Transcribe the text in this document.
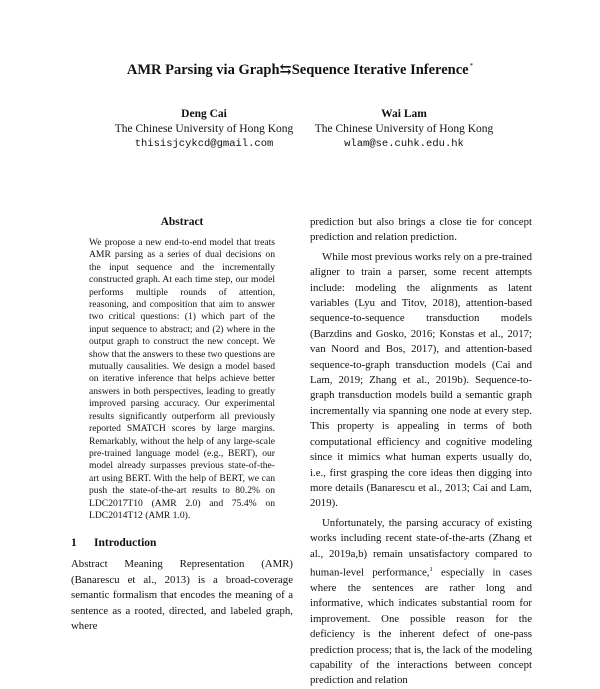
AMR Parsing via Graph⇆Sequence Iterative Inference*
Deng Cai
The Chinese University of Hong Kong
thisisjcykcd@gmail.com
Wai Lam
The Chinese University of Hong Kong
wlam@se.cuhk.edu.hk
Abstract
We propose a new end-to-end model that treats AMR parsing as a series of dual decisions on the input sequence and the incrementally constructed graph. At each time step, our model performs multiple rounds of attention, reasoning, and composition that aim to answer two critical questions: (1) which part of the input sequence to abstract; and (2) where in the output graph to construct the new concept. We show that the answers to these two questions are mutually causalities. We design a model based on iterative inference that helps achieve better answers in both perspectives, leading to greatly improved parsing accuracy. Our experimental results significantly outperform all previously reported SMATCH scores by large margins. Remarkably, without the help of any large-scale pre-trained language model (e.g., BERT), our model already surpasses previous state-of-the-art using BERT. With the help of BERT, we can push the state-of-the-art results to 80.2% on LDC2017T10 (AMR 2.0) and 75.4% on LDC2014T12 (AMR 1.0).
1 Introduction

Abstract Meaning Representation (AMR) (Banarescu et al., 2013) is a broad-coverage semantic formalism that encodes the meaning of a sentence as a rooted, directed, and labeled graph, where

prediction but also brings a close tie for concept prediction and relation prediction.

While most previous works rely on a pre-trained aligner to train a parser, some recent attempts include: modeling the alignments as latent variables (Lyu and Titov, 2018), attention-based sequence-to-sequence transduction models (Barzdins and Gosko, 2016; Konstas et al., 2017; van Noord and Bos, 2017), and attention-based sequence-to-graph transduction models (Cai and Lam, 2019; Zhang et al., 2019b). Sequence-to-graph transduction models build a semantic graph incrementally via spanning one node at every step. This property is appealing in terms of both computational efficiency and cognitive modeling since it mimics what human experts usually do, i.e., first grasping the core ideas then digging into more details (Banarescu et al., 2013; Cai and Lam, 2019).

Unfortunately, the parsing accuracy of existing works including recent state-of-the-arts (Zhang et al., 2019a,b) remain unsatisfactory compared to human-level performance,$^1$ especially in cases where the sentences are rather long and informative, which indicates substantial room for improvement. One possible reason for the deficiency is the inherent defect of one-pass prediction process; that is, the lack of the modeling capability of the interactions between concept prediction and relation
